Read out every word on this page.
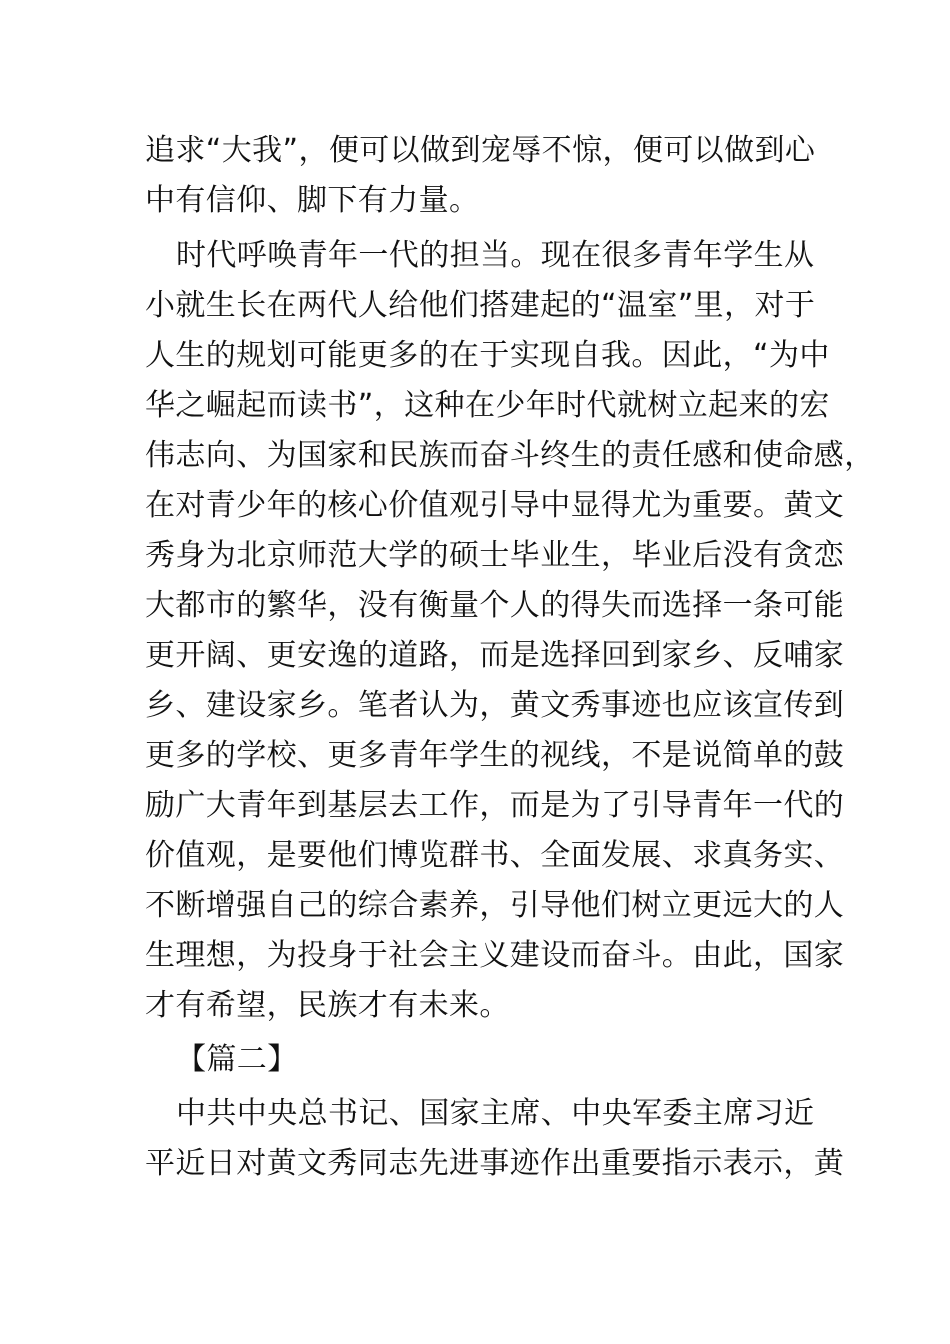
追求“大我”，便可以做到宠辱不惊，便可以做到心
中有信仰、脚下有力量。
时代呼唤青年一代的担当。现在很多青年学生从
小就生长在两代人给他们搭建起的“温室”里，对于
人生的规划可能更多的在于实现自我。因此，“为中
华之崛起而读书”，这种在少年时代就树立起来的宏
伟志向、为国家和民族而奋斗终生的责任感和使命感，
在对青少年的核心价值观引导中显得尤为重要。黄文
秀身为北京师范大学的硕士毕业生，毕业后没有贪恋
大都市的繁华，没有衡量个人的得失而选择一条可能
更开阔、更安逸的道路，而是选择回到家乡、反哺家
乡、建设家乡。笔者认为，黄文秀事迹也应该宣传到
更多的学校、更多青年学生的视线，不是说简单的鼓
励广大青年到基层去工作，而是为了引导青年一代的
价值观，是要他们博览群书、全面发展、求真务实、
不断增强自己的综合素养，引导他们树立更远大的人
生理想，为投身于社会主义建设而奋斗。由此，国家
才有希望，民族才有未来。
【篇二】
中共中央总书记、国家主席、中央军委主席习近
平近日对黄文秀同志先进事迹作出重要指示表示，黄
